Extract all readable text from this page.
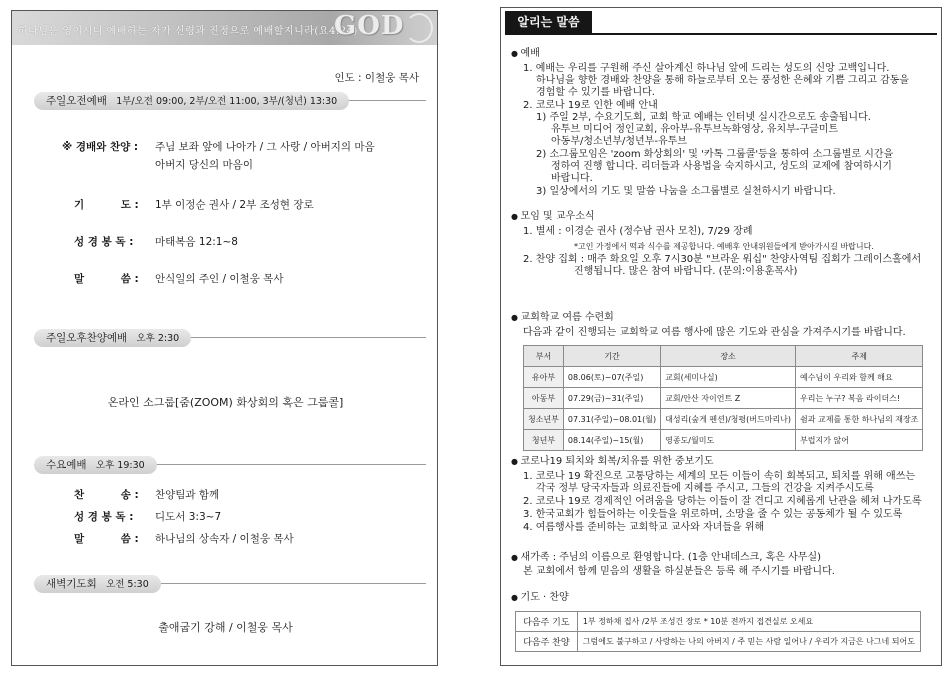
하나님은 영이시니 예배하는 자가 신령과 진정으로 예배할지니라(요4:24)
GOD
인도 : 이철웅 목사
주일오전예배 1부/오전 09:00, 2부/오전 11:00, 3부/(청년) 13:30
※ 경배와 찬양 : 주님 보좌 앞에 나아가 / 그 사랑 / 아버지의 마음
아버지 당신의 마음이
기          도 : 1부 이정순 권사 / 2부 조성현 장로
성 경 봉 독 : 마태복음 12:1~8
말          씀 : 안식일의 주인 / 이철웅 목사
주일오후찬양예배 오후 2:30
온라인 소그룹[줌(ZOOM) 화상회의 혹은 그룹콜]
수요예배 오후 19:30
찬          송 : 찬양팀과 함께
성 경 봉 독 : 디도서 3:3~7
말          씀 : 하나님의 상속자 / 이철웅 목사
새벽기도회 오전 5:30
출애굽기 강해 / 이철웅 목사
알리는 말씀
● 예배
1. 예배는 우리를 구원해 주신 살아계신 하나님 앞에 드리는 성도의 신앙 고백입니다.
하나님을 향한 경배와 찬양을 통해 하늘로부터 오는 풍성한 은혜와 기쁨 그리고 감동을
경험할 수 있기를 바랍니다.
2. 코로나 19로 인한 예배 안내
1) 주일 2부, 수요기도회, 교회 학교 예배는 인터넷 실시간으로도 송출됩니다.
유투브 미디어 정인교회, 유아부-유투브녹화영상, 유치부-구글미트
아동부/청소년부/청년부-유투브
2) 소그룹모임은 'zoom 화상회의' 및 '카톡 그룹콜'등을 통하여 소그룹별로 시간을
정하여 진행 합니다. 리더들과 사용법을 숙지하시고, 성도의 교제에 참여하시기
바랍니다.
3) 일상에서의 기도 및 말씀 나눔을 소그룹별로 실천하시기 바랍니다.
● 모임 및 교우소식
1. 별세 : 이경순 권사 (정수남 권사 모친), 7/29 장례
*고인 가정에서 떡과 식수를 제공합니다. 예배후 안내위원들에게 받아가시길 바랍니다.
2. 찬양 집회 : 매주 화요일 오후 7시30분 "브라운 워십" 찬양사역팀 집회가 그레이스홀에서
진행됩니다. 많은 참여 바랍니다. (문의:이용훈목사)
● 교회학교 여름 수련회
다음과 같이 진행되는 교회학교 여름 행사에 많은 기도와 관심을 가져주시기를 바랍니다.
부서	기간	장소	주제
유아부	08.06(토)~07(주일)	교회(세미나실)	예수님이 우리와 함께 해요
아동부	07.29(금)~31(주일)	교회/안산 자이언트 Z	우리는 누구? 복음 라이더스!
청소년부	07.31(주일)~08.01(월)	대성리(숲게 펜션)/청평(버드마리나)	쉼과 교제를 통한 하나님의 재장조
청년부	08.14(주일)~15(월)	영종도/월미도	부럽지가 않어
● 코로나19 퇴치와 회복/치유를 위한 중보기도
1. 코로나 19 확진으로 고통당하는 세계의 모든 이들이 속히 회복되고, 퇴치를 위해 애쓰는
각국 정부 당국자들과 의료진들에 지혜를 주시고, 그들의 건강을 지켜주시도록
2. 코로나 19로 경제적인 어려움을 당하는 이들이 잘 견디고 지혜롭게 난관을 헤쳐 나가도록
3. 한국교회가 힘들어하는 이웃들을 위로하며, 소망을 줄 수 있는 공동체가 될 수 있도록
4. 여름행사를 준비하는 교회학교 교사와 자녀들을 위해
● 새가족 : 주님의 이름으로 환영합니다. (1층 안내데스크, 혹은 사무실)
본 교회에서 함께 믿음의 생활을 하실분들은 등록 해 주시기를 바랍니다.
● 기도 · 찬양
다음주 기도	1부 정하채 집사 /2부 조성건 장로 * 10분 전까지 접견실로 오세요
다음주 찬양	그럼에도 불구하고 / 사랑하는 나의 아버지 / 주 믿는 사람 일어나 / 우리가 지금은 나그네 되어도
